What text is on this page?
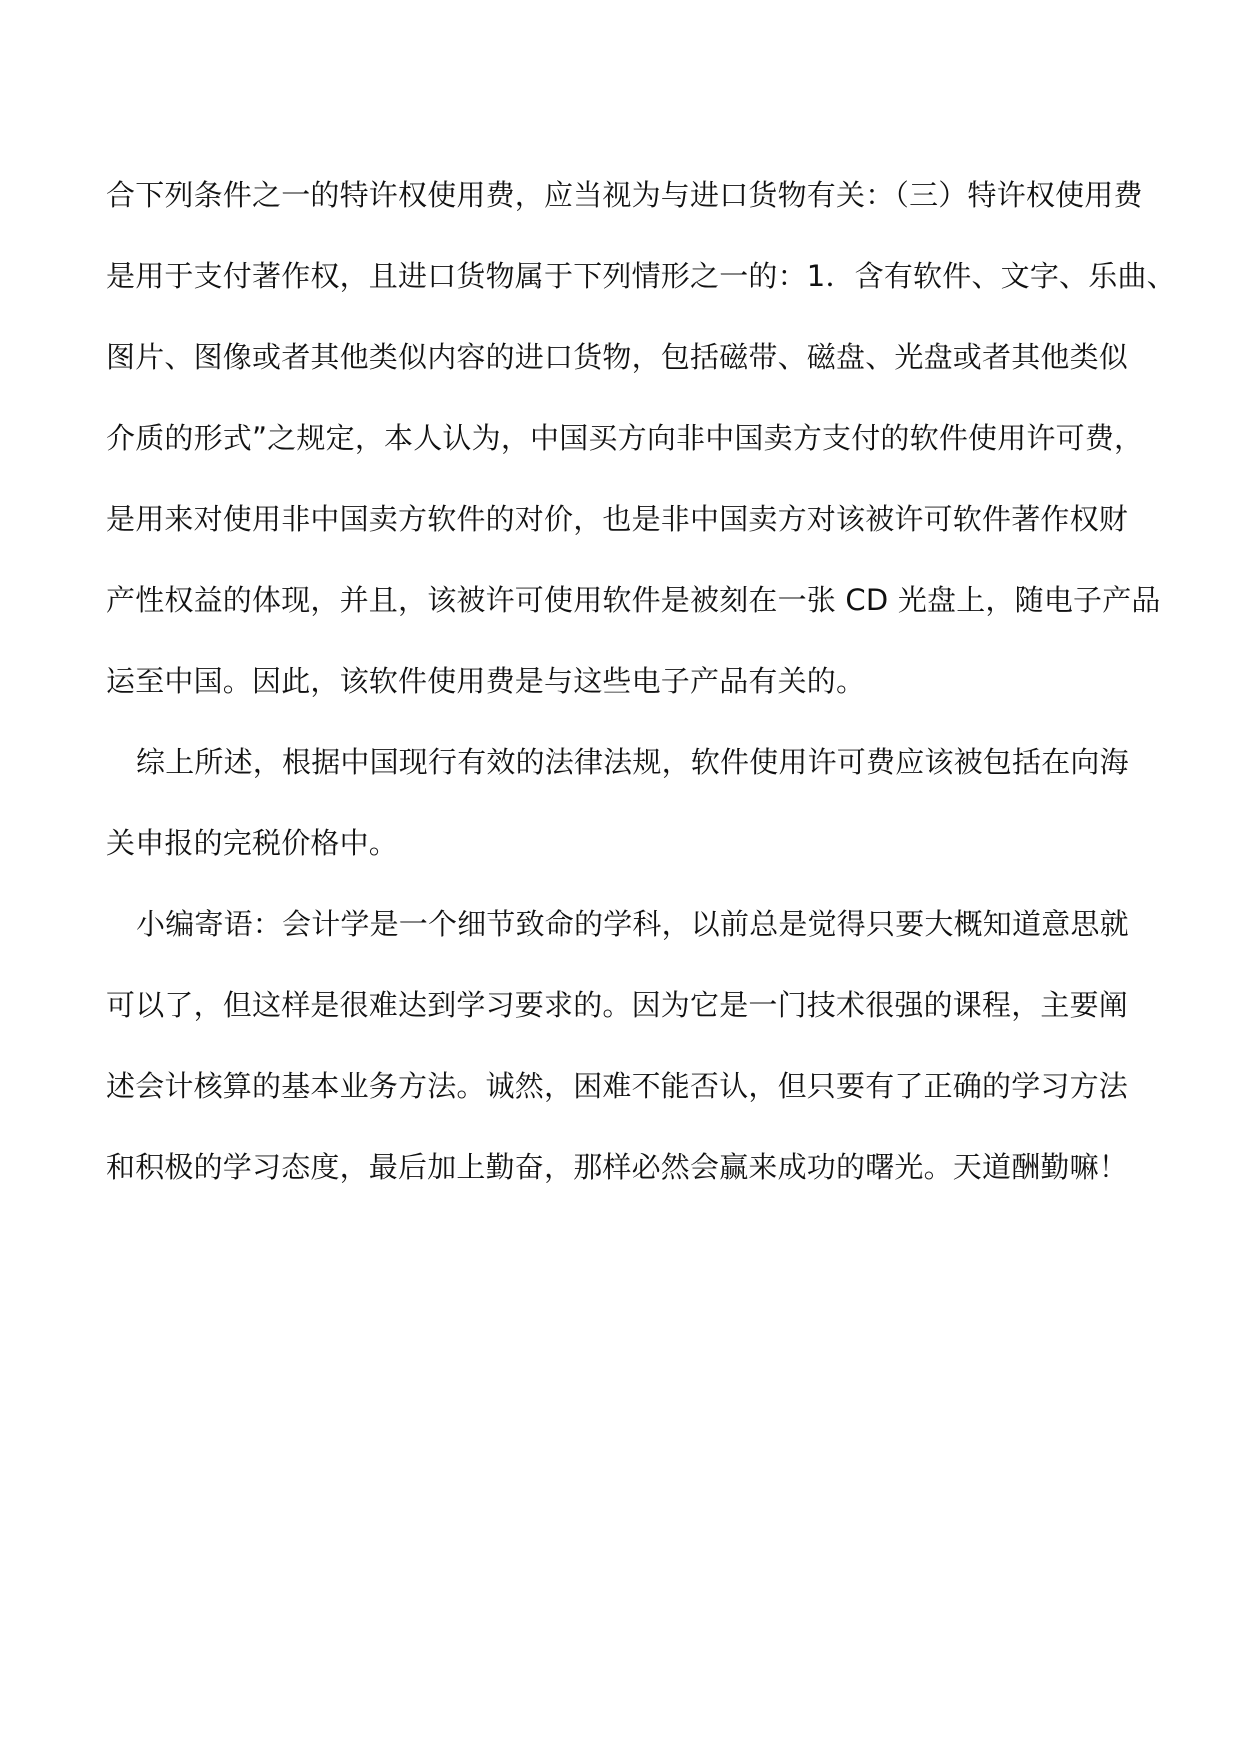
合下列条件之一的特许权使用费，应当视为与进口货物有关：（三）特许权使用费
是用于支付著作权，且进口货物属于下列情形之一的：1．含有软件、文字、乐曲、
图片、图像或者其他类似内容的进口货物，包括磁带、磁盘、光盘或者其他类似
介质的形式”之规定，本人认为，中国买方向非中国卖方支付的软件使用许可费，
是用来对使用非中国卖方软件的对价，也是非中国卖方对该被许可软件著作权财
产性权益的体现，并且，该被许可使用软件是被刻在一张 CD 光盘上，随电子产品
运至中国。因此，该软件使用费是与这些电子产品有关的。
综上所述，根据中国现行有效的法律法规，软件使用许可费应该被包括在向海
关申报的完税价格中。
小编寄语：会计学是一个细节致命的学科，以前总是觉得只要大概知道意思就
可以了，但这样是很难达到学习要求的。因为它是一门技术很强的课程，主要阐
述会计核算的基本业务方法。诚然，困难不能否认，但只要有了正确的学习方法
和积极的学习态度，最后加上勤奋，那样必然会赢来成功的曙光。天道酬勤嘛！
